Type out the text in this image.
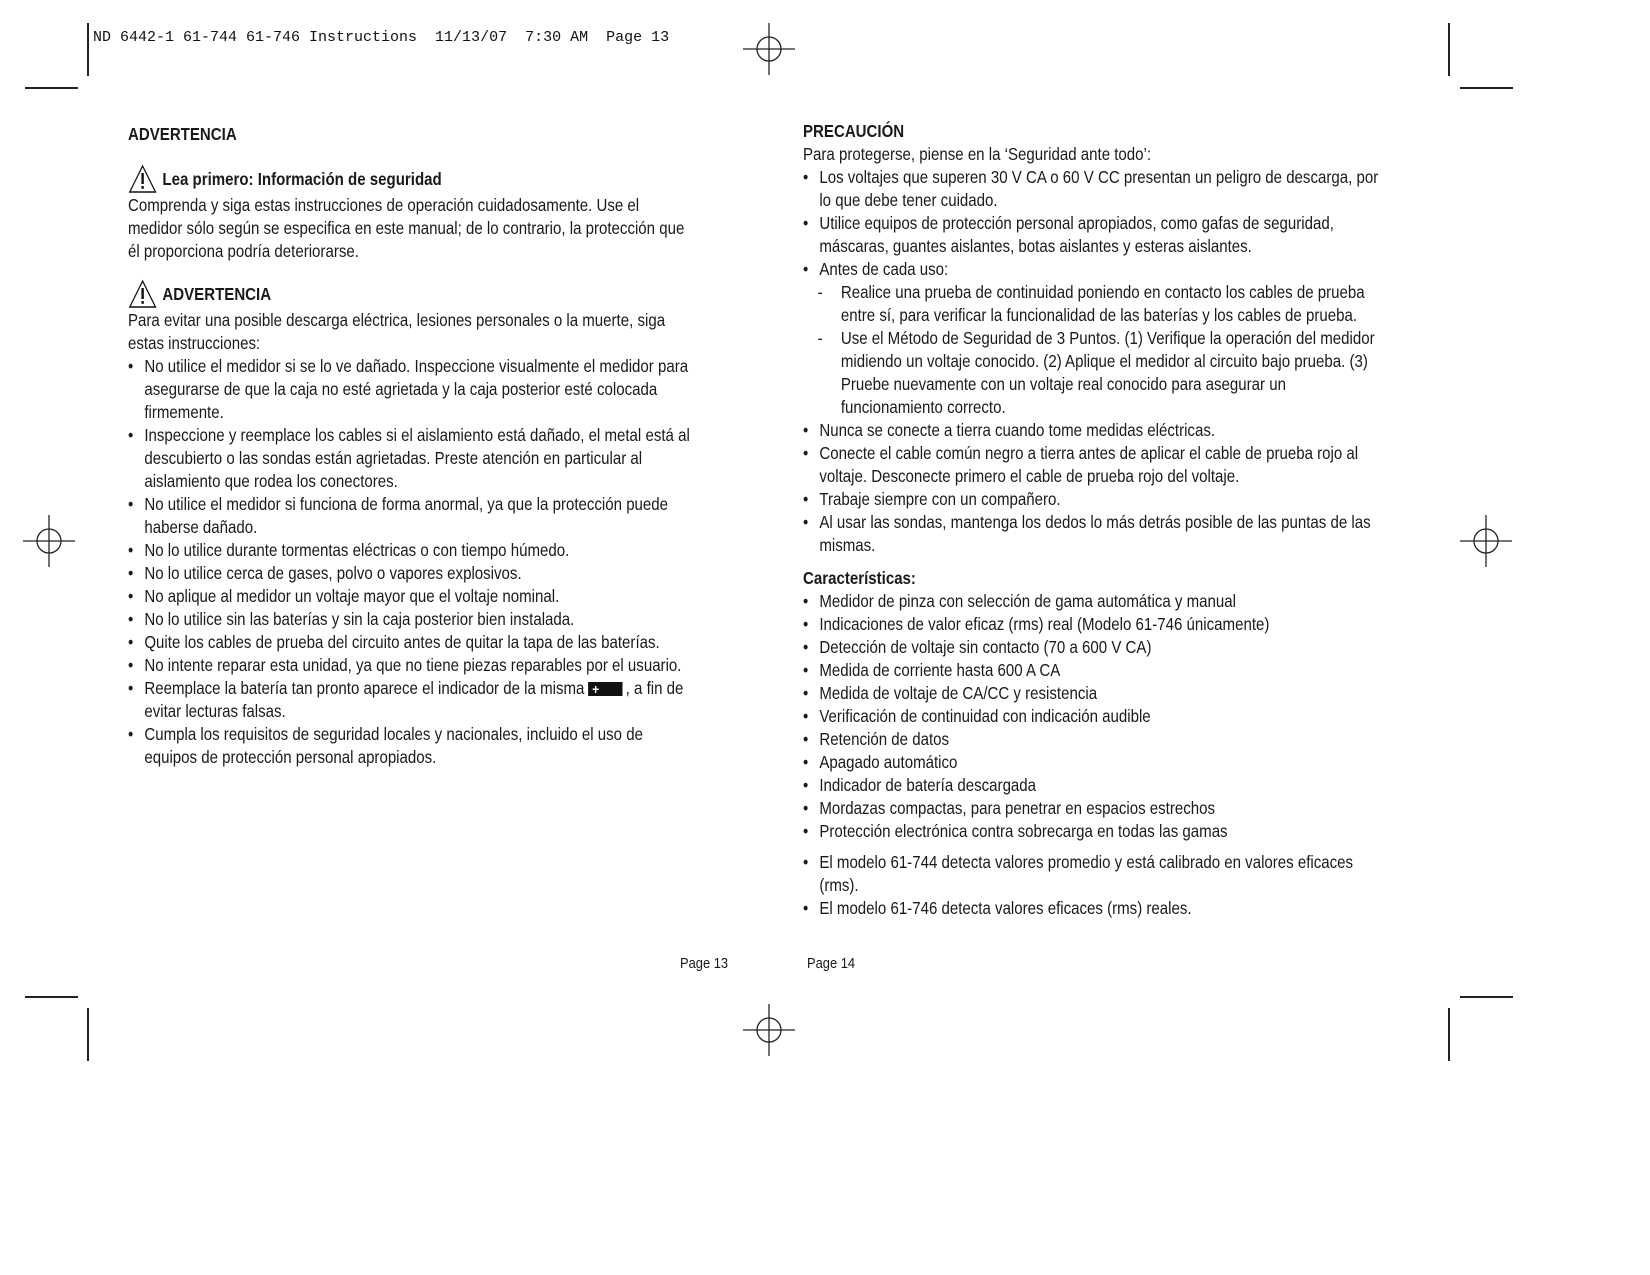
ND 6442-1 61-744 61-746 Instructions  11/13/07  7:30 AM  Page 13

ADVERTENCIA

Lea primero: Información de seguridad

Comprenda y siga estas instrucciones de operación cuidadosamente. Use el medidor sólo según se especifica en este manual; de lo contrario, la protección que él proporciona podría deteriorarse.

ADVERTENCIA

Para evitar una posible descarga eléctrica, lesiones personales o la muerte, siga estas instrucciones:

• No utilice el medidor si se lo ve dañado. Inspeccione visualmente el medidor para asegurarse de que la caja no esté agrietada y la caja posterior esté colocada firmemente.
• Inspeccione y reemplace los cables si el aislamiento está dañado, el metal está al descubierto o las sondas están agrietadas. Preste atención en particular al aislamiento que rodea los conectores.
• No utilice el medidor si funciona de forma anormal, ya que la protección puede haberse dañado.
• No lo utilice durante tormentas eléctricas o con tiempo húmedo.
• No lo utilice cerca de gases, polvo o vapores explosivos.
• No aplique al medidor un voltaje mayor que el voltaje nominal.
• No lo utilice sin las baterías y sin la caja posterior bien instalada.
• Quite los cables de prueba del circuito antes de quitar la tapa de las baterías.
• No intente reparar esta unidad, ya que no tiene piezas reparables por el usuario.
• Reemplace la batería tan pronto aparece el indicador de la misma+ , a fin de evitar lecturas falsas.
• Cumpla los requisitos de seguridad locales y nacionales, incluido el uso de equipos de protección personal apropiados.

PRECAUCIÓN

Para protegerse, piense en la ‘Seguridad ante todo’:

• Los voltajes que superen 30 V CA o 60 V CC presentan un peligro de descarga, por lo que debe tener cuidado.
• Utilice equipos de protección personal apropiados, como gafas de seguridad, máscaras, guantes aislantes, botas aislantes y esteras aislantes.
• Antes de cada uso:
- Realice una prueba de continuidad poniendo en contacto los cables de prueba entre sí, para verificar la funcionalidad de las baterías y los cables de prueba.
- Use el Método de Seguridad de 3 Puntos. (1) Verifique la operación del medidor midiendo un voltaje conocido. (2) Aplique el medidor al circuito bajo prueba. (3) Pruebe nuevamente con un voltaje real conocido para asegurar un funcionamiento correcto.
• Nunca se conecte a tierra cuando tome medidas eléctricas.
• Conecte el cable común negro a tierra antes de aplicar el cable de prueba rojo al voltaje. Desconecte primero el cable de prueba rojo del voltaje.
• Trabaje siempre con un compañero.
• Al usar las sondas, mantenga los dedos lo más detrás posible de las puntas de las mismas.

Características:

• Medidor de pinza con selección de gama automática y manual
• Indicaciones de valor eficaz (rms) real (Modelo 61-746 únicamente)
• Detección de voltaje sin contacto (70 a 600 V CA)
• Medida de corriente hasta 600 A CA
• Medida de voltaje de CA/CC y resistencia
• Verificación de continuidad con indicación audible
• Retención de datos
• Apagado automático
• Indicador de batería descargada
• Mordazas compactas, para penetrar en espacios estrechos
• Protección electrónica contra sobrecarga en todas las gamas
• El modelo 61-744 detecta valores promedio y está calibrado en valores eficaces (rms).
• El modelo 61-746 detecta valores eficaces (rms) reales.
Page 13	Page 14
